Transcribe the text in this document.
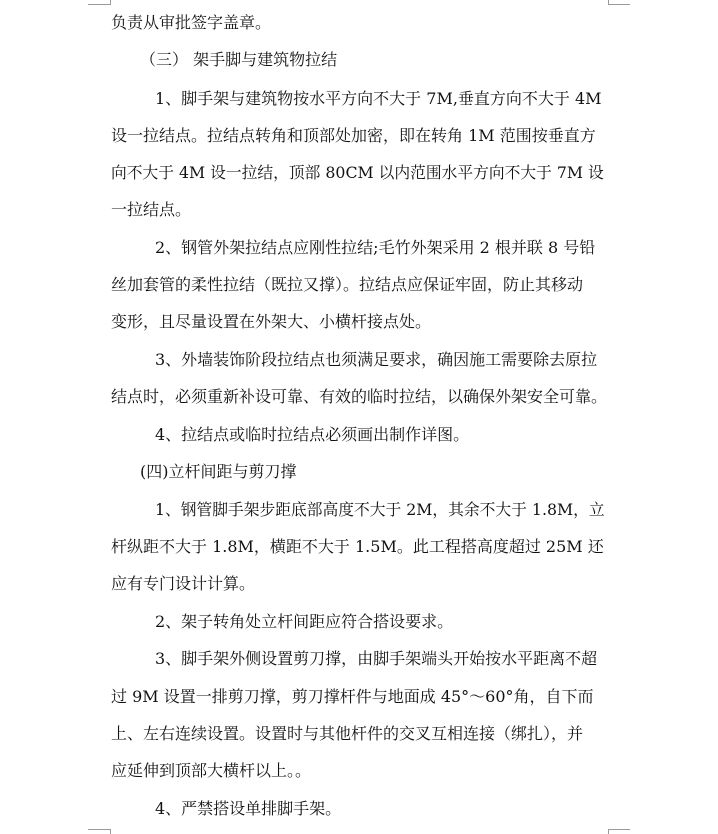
负责从审批签字盖章。
（三） 架手脚与建筑物拉结
1、脚手架与建筑物按水平方向不大于 7M,垂直方向不大于 4M
设一拉结点。拉结点转角和顶部处加密，即在转角 1M 范围按垂直方
向不大于 4M 设一拉结，顶部 80CM 以内范围水平方向不大于 7M 设
一拉结点。
2、钢管外架拉结点应刚性拉结;毛竹外架采用 2 根并联 8 号铅
丝加套管的柔性拉结（既拉又撑）。拉结点应保证牢固，防止其移动
变形，且尽量设置在外架大、小横杆接点处。
3、外墙装饰阶段拉结点也须满足要求，确因施工需要除去原拉
结点时，必须重新补设可靠、有效的临时拉结，以确保外架安全可靠。
4、拉结点或临时拉结点必须画出制作详图。
(四)立杆间距与剪刀撑
1、钢管脚手架步距底部高度不大于 2M，其余不大于 1.8M，立
杆纵距不大于 1.8M，横距不大于 1.5M。此工程搭高度超过 25M 还
应有专门设计计算。
2、架子转角处立杆间距应符合搭设要求。
3、脚手架外侧设置剪刀撑，由脚手架端头开始按水平距离不超
过 9M 设置一排剪刀撑，剪刀撑杆件与地面成 45°～60°角，自下而
上、左右连续设置。设置时与其他杆件的交叉互相连接（绑扎），并
应延伸到顶部大横杆以上。。
4、严禁搭设单排脚手架。
